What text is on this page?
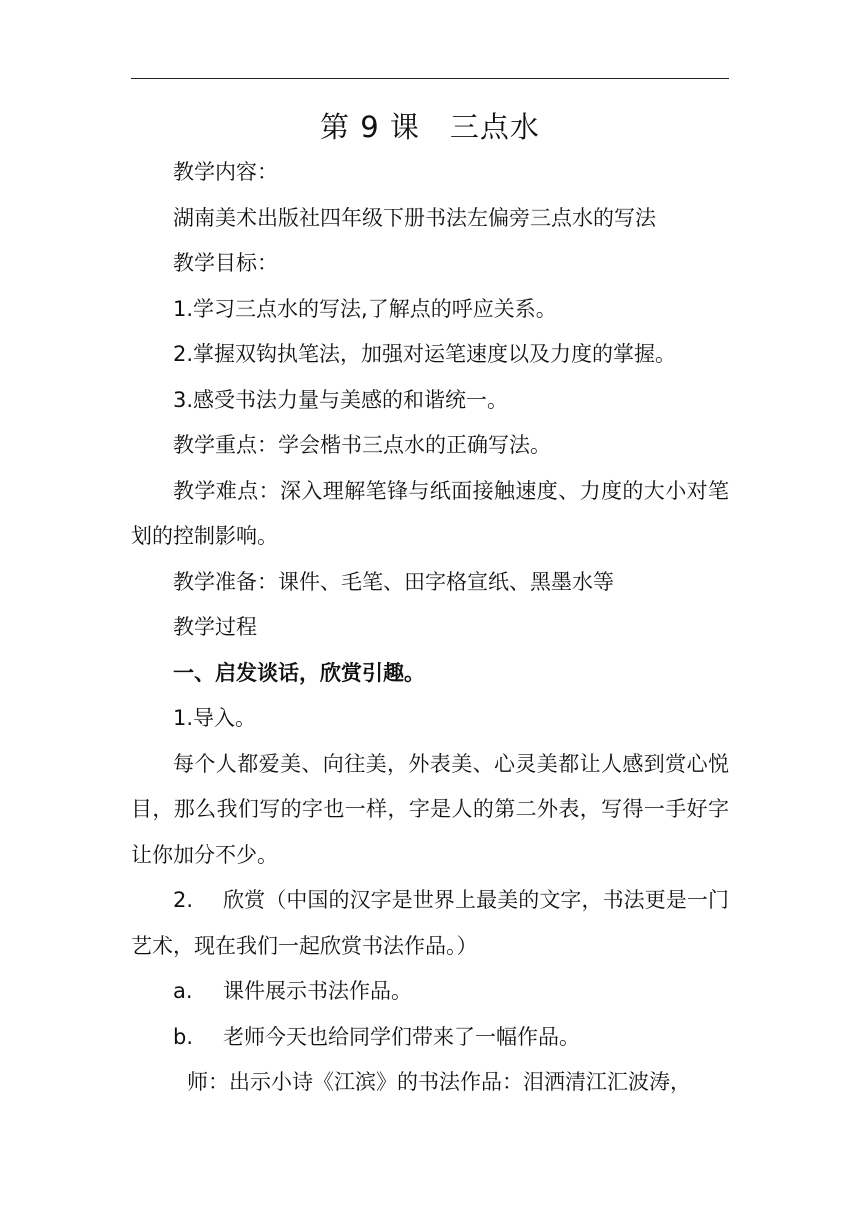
第 9 课　三点水

教学内容：

湖南美术出版社四年级下册书法左偏旁三点水的写法

教学目标：

1.学习三点水的写法,了解点的呼应关系。

2.掌握双钩执笔法，加强对运笔速度以及力度的掌握。

3.感受书法力量与美感的和谐统一。

教学重点：学会楷书三点水的正确写法。

教学难点：深入理解笔锋与纸面接触速度、力度的大小对笔划的控制影响。

教学准备：课件、毛笔、田字格宣纸、黑墨水等

教学过程

一、启发谈话，欣赏引趣。

1.导入。

每个人都爱美、向往美，外表美、心灵美都让人感到赏心悦目，那么我们写的字也一样，字是人的第二外表，写得一手好字让你加分不少。

2. 欣赏（中国的汉字是世界上最美的文字，书法更是一门艺术，现在我们一起欣赏书法作品。）

a. 课件展示书法作品。

b. 老师今天也给同学们带来了一幅作品。

师：出示小诗《江滨》的书法作品：泪洒清江汇波涛，
